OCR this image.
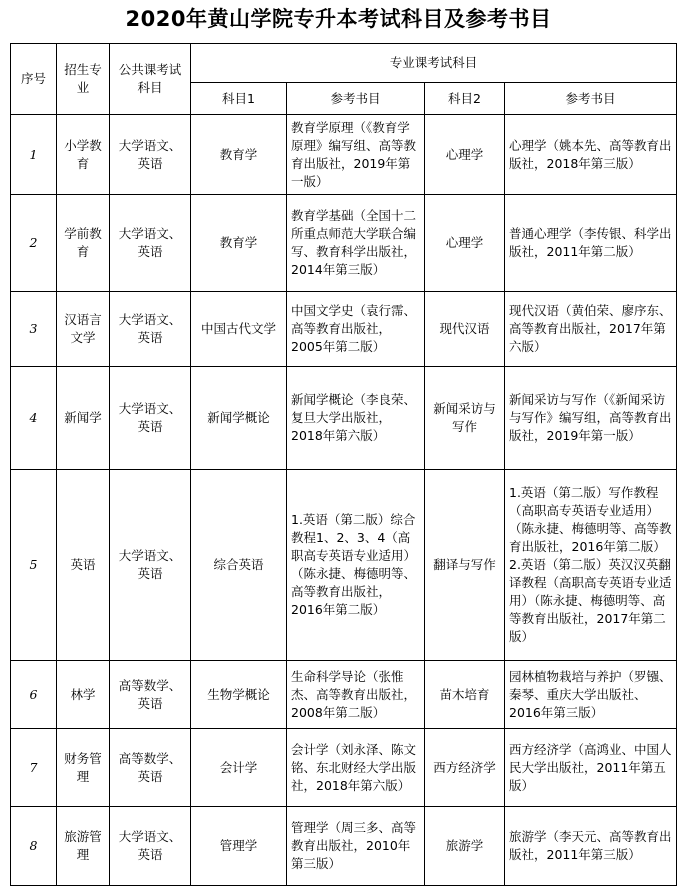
2020年黄山学院专升本考试科目及参考书目
序号	招生专业	公共课考试科目	专业课考试科目			
			科目1	参考书目	科目2	参考书目
1	小学教育	大学语文、英语	教育学	教育学原理（《教育学原理》编写组、高等教育出版社，2019年第一版）	心理学	心理学（姚本先、高等教育出版社，2018年第三版）
2	学前教育	大学语文、英语	教育学	教育学基础（全国十二所重点师范大学联合编写、教育科学出版社，2014年第三版）	心理学	普通心理学（李传银、科学出版社，2011年第二版）
3	汉语言文学	大学语文、英语	中国古代文学	中国文学史（袁行霈、高等教育出版社，2005年第二版）	现代汉语	现代汉语（黄伯荣、廖序东、高等教育出版社，2017年第六版）
4	新闻学	大学语文、英语	新闻学概论	新闻学概论（李良荣、复旦大学出版社，2018年第六版）	新闻采访与写作	新闻采访与写作（《新闻采访与写作》编写组，高等教育出版社，2019年第一版）
5	英语	大学语文、英语	综合英语	1.英语（第二版）综合教程1、2、3、4（高职高专英语专业适用）（陈永捷、梅德明等、高等教育出版社，2016年第二版）	翻译与写作	1.英语（第二版）写作教程（高职高专英语专业适用）（陈永捷、梅德明等、高等教育出版社，2016年第二版）

2.英语（第二版）英汉汉英翻译教程（高职高专英语专业适用）（陈永捷、梅德明等、高等教育出版社，2017年第二版）

6	林学	高等数学、英语	生物学概论	生命科学导论（张惟杰、高等教育出版社，2008年第二版）	苗木培育	园林植物栽培与养护（罗镪、秦琴、重庆大学出版社、2016年第三版）
7	财务管理	高等数学、英语	会计学	会计学（刘永泽、陈文铭、东北财经大学出版社，2018年第六版）	西方经济学	西方经济学（高鸿业、中国人民大学出版社，2011年第五版）
8	旅游管理	大学语文、英语	管理学	管理学（周三多、高等教育出版社，2010年第三版）	旅游学	旅游学（李天元、高等教育出版社，2011年第三版）
